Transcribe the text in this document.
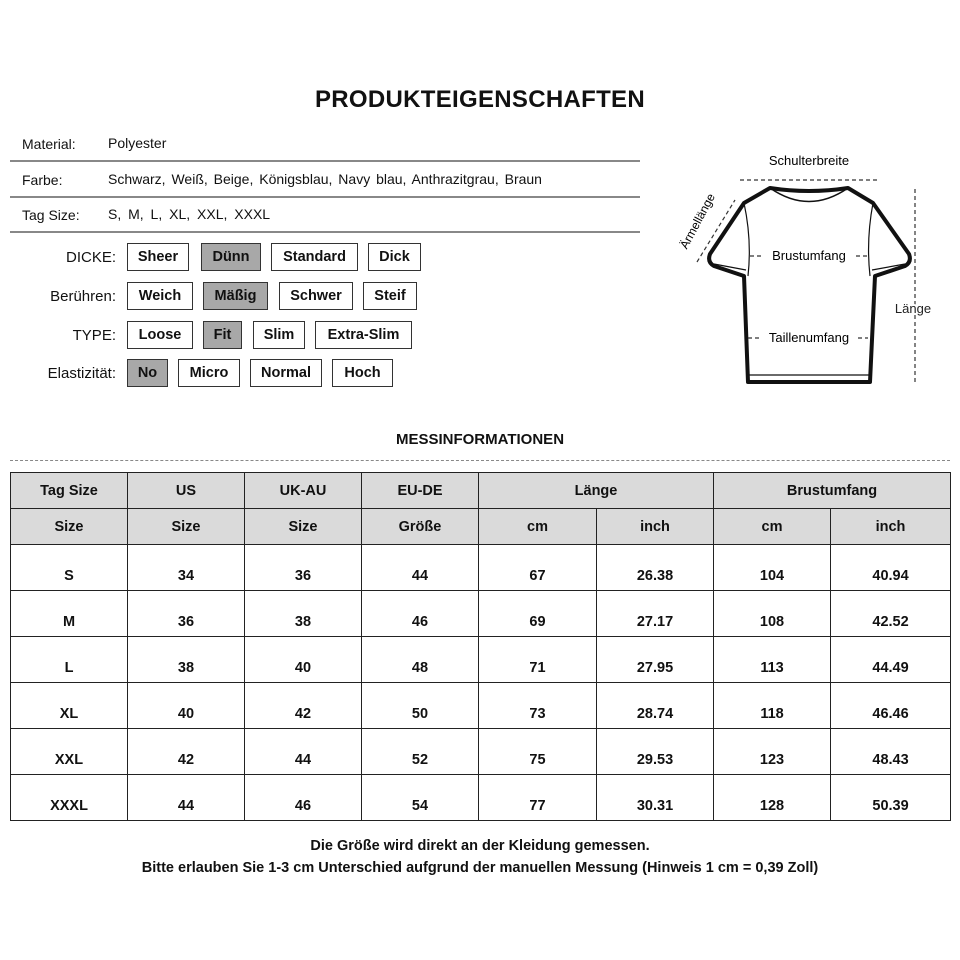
PRODUKTEIGENSCHAFTEN
Material: Polyester
Farbe:	Schwarz, Weiß, Beige, Königsblau, Navy blau, Anthrazitgrau, Braun
Tag Size: S, M, L, XL, XXL, XXXL
DICKE:	Sheer	Dünn	Standard	Dick
Berühren:	Weich	Mäßig	Schwer	Steif
TYPE:	Loose	Fit	Slim	Extra-Slim
Elastizität:	No	Micro	Normal	Hoch
Schulterbreite
Brustumfang
Taillenumfang
Länge
Ärmellänge
MESSINFORMATIONEN
Tag Size	US	UK-AU	EU-DE	Länge		Brustumfang	
Size	Size	Size	Größe	cm	inch	cm	inch
S	34	36	44	67	26.38	104	40.94
M	36	38	46	69	27.17	108	42.52
L	38	40	48	71	27.95	113	44.49
XL	40	42	50	73	28.74	118	46.46
XXL	42	44	52	75	29.53	123	48.43
XXXL	44	46	54	77	30.31	128	50.39
Die Größe wird direkt an der Kleidung gemessen.
Bitte erlauben Sie 1-3 cm Unterschied aufgrund der manuellen Messung (Hinweis 1 cm = 0,39 Zoll)
